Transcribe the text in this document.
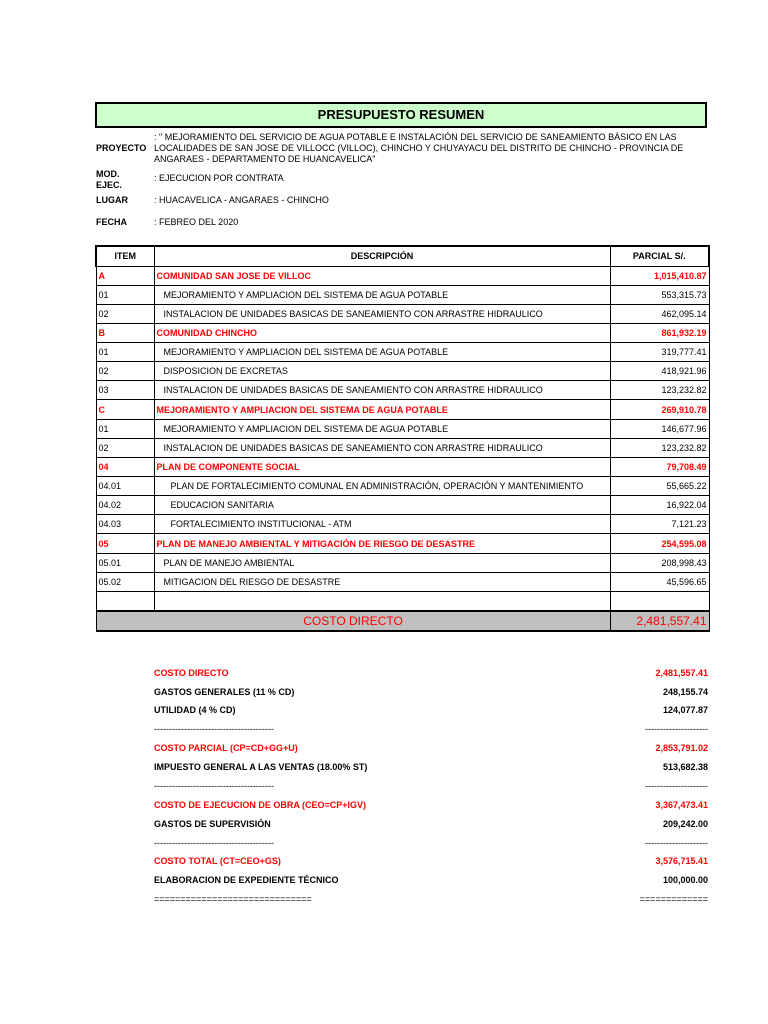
PRESUPUESTO RESUMEN
PROYECTO
: " MEJORAMIENTO DEL SERVICIO DE AGUA POTABLE E INSTALACIÓN DEL SERVICIO DE SANEAMIENTO BÁSICO EN LAS LOCALIDADES DE SAN JOSE DE VILLOCC (VILLOC), CHINCHO Y CHUYAYACU DEL DISTRITO DE CHINCHO - PROVINCIA DE ANGARAES - DEPARTAMENTO DE HUANCAVELICA"
MOD.
EJEC.
: EJECUCION POR CONTRATA
LUGAR	: HUACAVELICA - ANGARAES - CHINCHO
FECHA	: FEBREO DEL 2020
ITEM	DESCRIPCIÓN	PARCIAL S/.
A	COMUNIDAD SAN JOSE DE VILLOC	1,015,410.87
01	MEJORAMIENTO Y AMPLIACION DEL SISTEMA DE AGUA POTABLE	553,315.73
02	INSTALACION DE UNIDADES BASICAS DE SANEAMIENTO CON ARRASTRE HIDRAULICO	462,095.14
B	COMUNIDAD CHINCHO	861,932.19
01	MEJORAMIENTO Y AMPLIACION DEL SISTEMA DE AGUA POTABLE	319,777.41
02	DISPOSICION DE EXCRETAS	418,921.96
03	INSTALACION DE UNIDADES BASICAS DE SANEAMIENTO CON ARRASTRE HIDRAULICO	123,232.82
C	MEJORAMIENTO Y AMPLIACION DEL SISTEMA DE AGUA POTABLE	269,910.78
01	MEJORAMIENTO Y AMPLIACION DEL SISTEMA DE AGUA POTABLE	146,677.96
02	INSTALACION DE UNIDADES BASICAS DE SANEAMIENTO CON ARRASTRE HIDRAULICO	123,232.82
04	PLAN DE COMPONENTE SOCIAL	79,708.49
04.01	PLAN DE FORTALECIMIENTO COMUNAL EN ADMINISTRACIÓN, OPERACIÓN Y MANTENIMIENTO	55,665.22
04.02	EDUCACION SANITARIA	16,922.04
04.03	FORTALECIMIENTO INSTITUCIONAL - ATM	7,121.23
05	PLAN DE MANEJO AMBIENTAL Y MITIGACIÓN DE RIESGO DE DESASTRE	254,595.08
05.01	PLAN DE MANEJO AMBIENTAL	208,998.43
05.02	MITIGACION DEL RIESGO DE DESASTRE	45,596.65

COSTO DIRECTO		2,481,557.41
COSTO DIRECTO	2,481,557.41
GASTOS GENERALES (11 % CD)	248,155.74
UTILIDAD (4 % CD)	124,077.87
----------------------------------------	---------------------
COSTO PARCIAL (CP=CD+GG+U)	2,853,791.02
IMPUESTO GENERAL A LAS VENTAS (18.00% ST)	513,682.38
----------------------------------------	---------------------
COSTO DE EJECUCION DE OBRA (CEO=CP+IGV)	3,367,473.41
GASTOS DE SUPERVISIÓN	209,242.00
----------------------------------------	---------------------
COSTO TOTAL (CT=CEO+GS)	3,576,715.41
ELABORACION DE EXPEDIENTE TÉCNICO	100,000.00
==============================	=============
